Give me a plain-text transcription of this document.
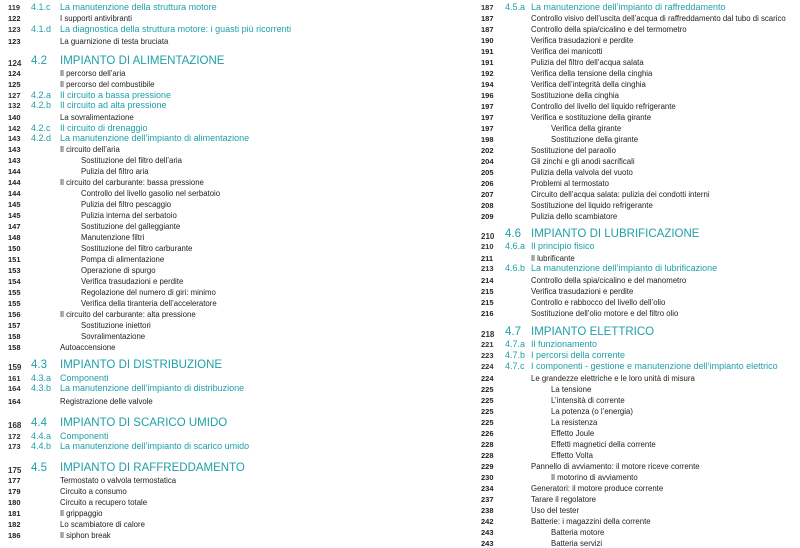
119 4.1.c La manutenzione della struttura motore
122	I supporti antivibranti
123 4.1.d La diagnostica della struttura motore: i guasti più ricorrenti
123	La guarnizione di testa bruciata
124 4.2 IMPIANTO DI ALIMENTAZIONE
124	Il percorso dell’aria
125	Il percorso del combustibile
127 4.2.a Il circuito a bassa pressione
132 4.2.b Il circuito ad alta pressione
140	La sovralimentazione
142 4.2.c Il circuito di drenaggio
143 4.2.d La manutenzione dell’impianto di alimentazione
143	Il circuito dell’aria
143	Sostituzione del filtro dell’aria
144	Pulizia del filtro aria
144	Il circuito del carburante: bassa pressione
144	Controllo del livello gasolio nel serbatoio
145	Pulizia del filtro pescaggio
145	Pulizia interna del serbatoio
147	Sostituzione del galleggiante
148	Manutenzione filtri
150	Sostituzione del filtro carburante
151	Pompa di alimentazione
153	Operazione di spurgo
154	Verifica trasudazioni e perdite
155	Regolazione del numero di giri: minimo
155	Verifica della tiranteria dell’acceleratore
156	Il circuito del carburante: alta pressione
157	Sostituzione iniettori
158	Sovralimentazione
158	Autoaccensione
159 4.3 IMPIANTO DI DISTRIBUZIONE
161 4.3.a Componenti
164 4.3.b La manutenzione dell’impianto di distribuzione
164	Registrazione delle valvole
168 4.4 IMPIANTO DI SCARICO UMIDO
172 4.4.a Componenti
173 4.4.b La manutenzione dell’impianto di scarico umido
175 4.5 IMPIANTO DI RAFFREDDAMENTO
177	Termostato o valvola termostatica
179	Circuito a consumo
180	Circuito a recupero totale
181	Il grippaggio
182	Lo scambiatore di calore
186	Il siphon break
187 4.5.a La manutenzione dell’impianto di raffreddamento
187	Controllo visivo dell’uscita dell’acqua di raffreddamento dal tubo di scarico
187	Controllo della spia/cicalino e del termometro
190	Verifica trasudazioni e perdite
191	Verifica dei manicotti
191	Pulizia del filtro dell’acqua salata
192	Verifica della tensione della cinghia
194	Verifica dell’integrità della cinghia
196	Sostituzione della cinghia
197	Controllo del livello del liquido refrigerante
197	Verifica e sostituzione della girante
197	Verifica della girante
198	Sostituzione della girante
202	Sostituzione del paraolio
204	Gli zinchi e gli anodi sacrificali
205	Pulizia della valvola del vuoto
206	Problemi al termostato
207	Circuito dell’acqua salata: pulizia dei condotti interni
208	Sostituzione del liquido refrigerante
209	Pulizia dello scambiatore
210 4.6 IMPIANTO DI LUBRIFICAZIONE
210 4.6.a Il principio fisico
211	Il lubrificante
213 4.6.b La manutenzione dell’impianto di lubrificazione
214	Controllo della spia/cicalino e del manometro
215	Verifica trasudazioni e perdite
215	Controllo e rabbocco del livello dell’olio
216	Sostituzione dell’olio motore e del filtro olio
218 4.7 IMPIANTO ELETTRICO
221 4.7.a Il funzionamento
223 4.7.b I percorsi della corrente
224 4.7.c I componenti - gestione e manutenzione dell’impianto elettrico
224	Le grandezze elettriche e le loro unità di misura
225	La tensione
225	L’intensità di corrente
225	La potenza (o l’energia)
225	La resistenza
226	Effetto Joule
228	Effetti magnetici della corrente
228	Effetto Volta
229	Pannello di avviamento: il motore riceve corrente
230	Il motorino di avviamento
234	Generatori: il motore produce corrente
237	Tarare il regolatore
238	Uso del tester
242	Batterie: i magazzini della corrente
243	Batteria motore
243	Batteria servizi
